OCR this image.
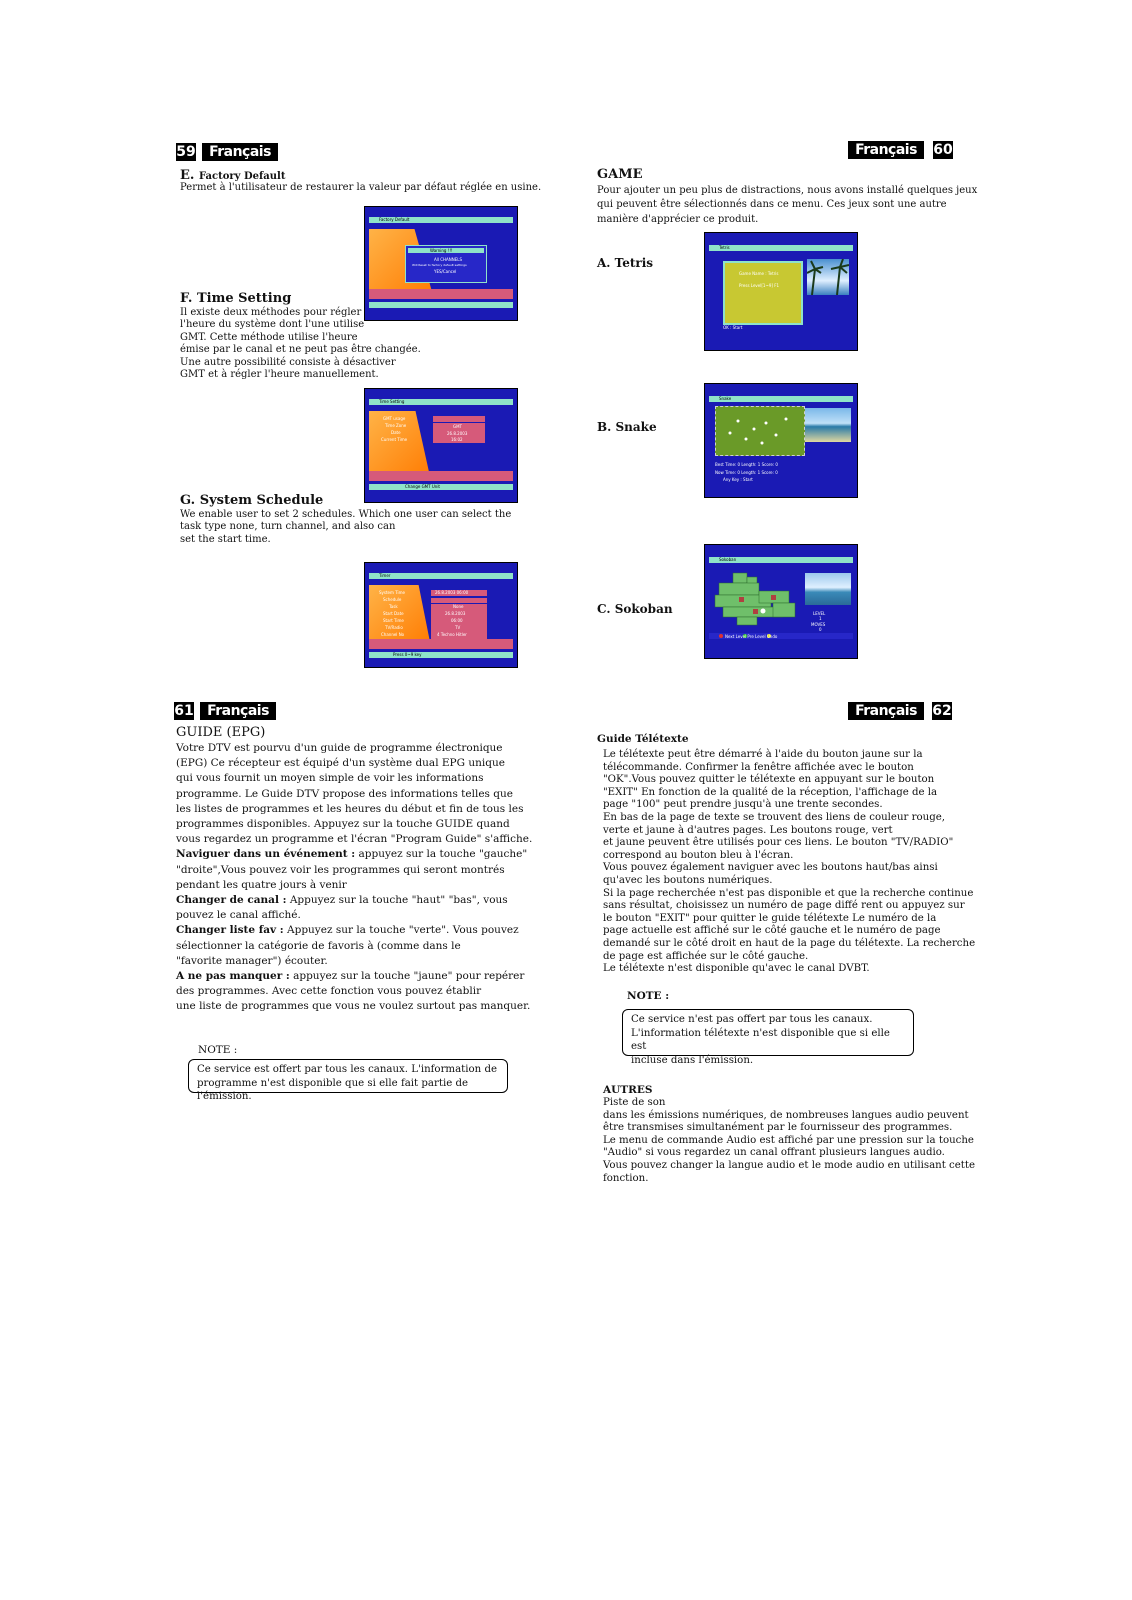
59 Français
E. Factory Default

Permet à l'utilisateur de restaurer la valeur par défaut réglée en usine.

Factory Default
Warning !!!
All CHANNELS
Will Reset to factory default settings
YES/Cancel
F. Time Setting

Il existe deux méthodes pour régler
l'heure du système dont l'une utilise
GMT. Cette méthode utilise l'heure
émise par le canal et ne peut pas être changée.
Une autre possibilité consiste à désactiver
GMT et à régler l'heure manuellement.

Time Setting
GMT usage
Time Zone
Date
Current Time
GMT
26.8.2003
16:02
Change GMT Unit
G. System Schedule

We enable user to set 2 schedules. Which one user can select the
task type none, turn channel, and also can
set the start time.

Timer
System Time
Schedule
Task
Start Date
Start Time
TV/Radio
Channel No
26.8.2003 06:00
None
26.8.2003
06:00
TV
4 Techno Hitler
Press 0~9 key
Français	60
GAME

Pour ajouter un peu plus de distractions, nous avons installé quelques jeux
qui peuvent être sélectionnés dans ce menu. Ces jeux sont une autre
manière d'apprécier ce produit.

A. Tetris
Tetris
Game Name : Tetris
Press Level[1~9] F1
OK : Start
B. Snake
Snake
Best Time: 0 Length: 1 Score: 0
Now Time: 0 Length: 1 Score: 0
Any Key : Start
C. Sokoban
Sokoban
LEVEL
1
MOVES
0
Next Level Pre Level Undo
61 Français
GUIDE (EPG)
Votre DTV est pourvu d'un guide de programme électronique
(EPG) Ce récepteur est équipé d'un système dual EPG unique
qui vous fournit un moyen simple de voir les informations
programme. Le Guide DTV propose des informations telles que
les listes de programmes et les heures du début et fin de tous les
programmes disponibles. Appuyez sur la touche GUIDE quand
vous regardez un programme et l'écran "Program Guide" s'affiche.
Naviguer dans un événement : appuyez sur la touche "gauche"
"droite",Vous pouvez voir les programmes qui seront montrés
pendant les quatre jours à venir
Changer de canal : Appuyez sur la touche "haut" "bas", vous
pouvez le canal affiché.
Changer liste fav : Appuyez sur la touche "verte". Vous pouvez
sélectionner la catégorie de favoris à (comme dans le
"favorite manager") écouter.
A ne pas manquer : appuyez sur la touche "jaune" pour repérer
des programmes. Avec cette fonction vous pouvez établir
une liste de programmes que vous ne voulez surtout pas manquer.
NOTE :
Ce service est offert par tous les canaux. L'information de
programme n'est disponible que si elle fait partie de l'émission.
Français	62
Guide Télétexte

Le télétexte peut être démarré à l'aide du bouton jaune sur la
télécommande. Confirmer la fenêtre affichée avec le bouton
"OK".Vous pouvez quitter le télétexte en appuyant sur le bouton
"EXIT" En fonction de la qualité de la réception, l'affichage de la
page "100" peut prendre jusqu'à une trente secondes.
En bas de la page de texte se trouvent des liens de couleur rouge,
verte et jaune à d'autres pages. Les boutons rouge, vert
et jaune peuvent être utilisés pour ces liens. Le bouton "TV/RADIO"
correspond au bouton bleu à l'écran.
Vous pouvez également naviguer avec les boutons haut/bas ainsi
qu'avec les boutons numériques.
Si la page recherchée n'est pas disponible et que la recherche continue
sans résultat, choisissez un numéro de page diffé rent ou appuyez sur
le bouton "EXIT" pour quitter le guide télétexte Le numéro de la
page actuelle est affiché sur le côté gauche et le numéro de page
demandé sur le côté droit en haut de la page du télétexte. La recherche
de page est affichée sur le côté gauche.
Le télétexte n'est disponible qu'avec le canal DVBT.

NOTE :
Ce service n'est pas offert par tous les canaux.
L'information télétexte n'est disponible que si elle est
incluse dans l'émission.
AUTRES

Piste de son
dans les émissions numériques, de nombreuses langues audio peuvent
être transmises simultanément par le fournisseur des programmes.
Le menu de commande Audio est affiché par une pression sur la touche
"Audio" si vous regardez un canal offrant plusieurs langues audio.
Vous pouvez changer la langue audio et le mode audio en utilisant cette
fonction.
